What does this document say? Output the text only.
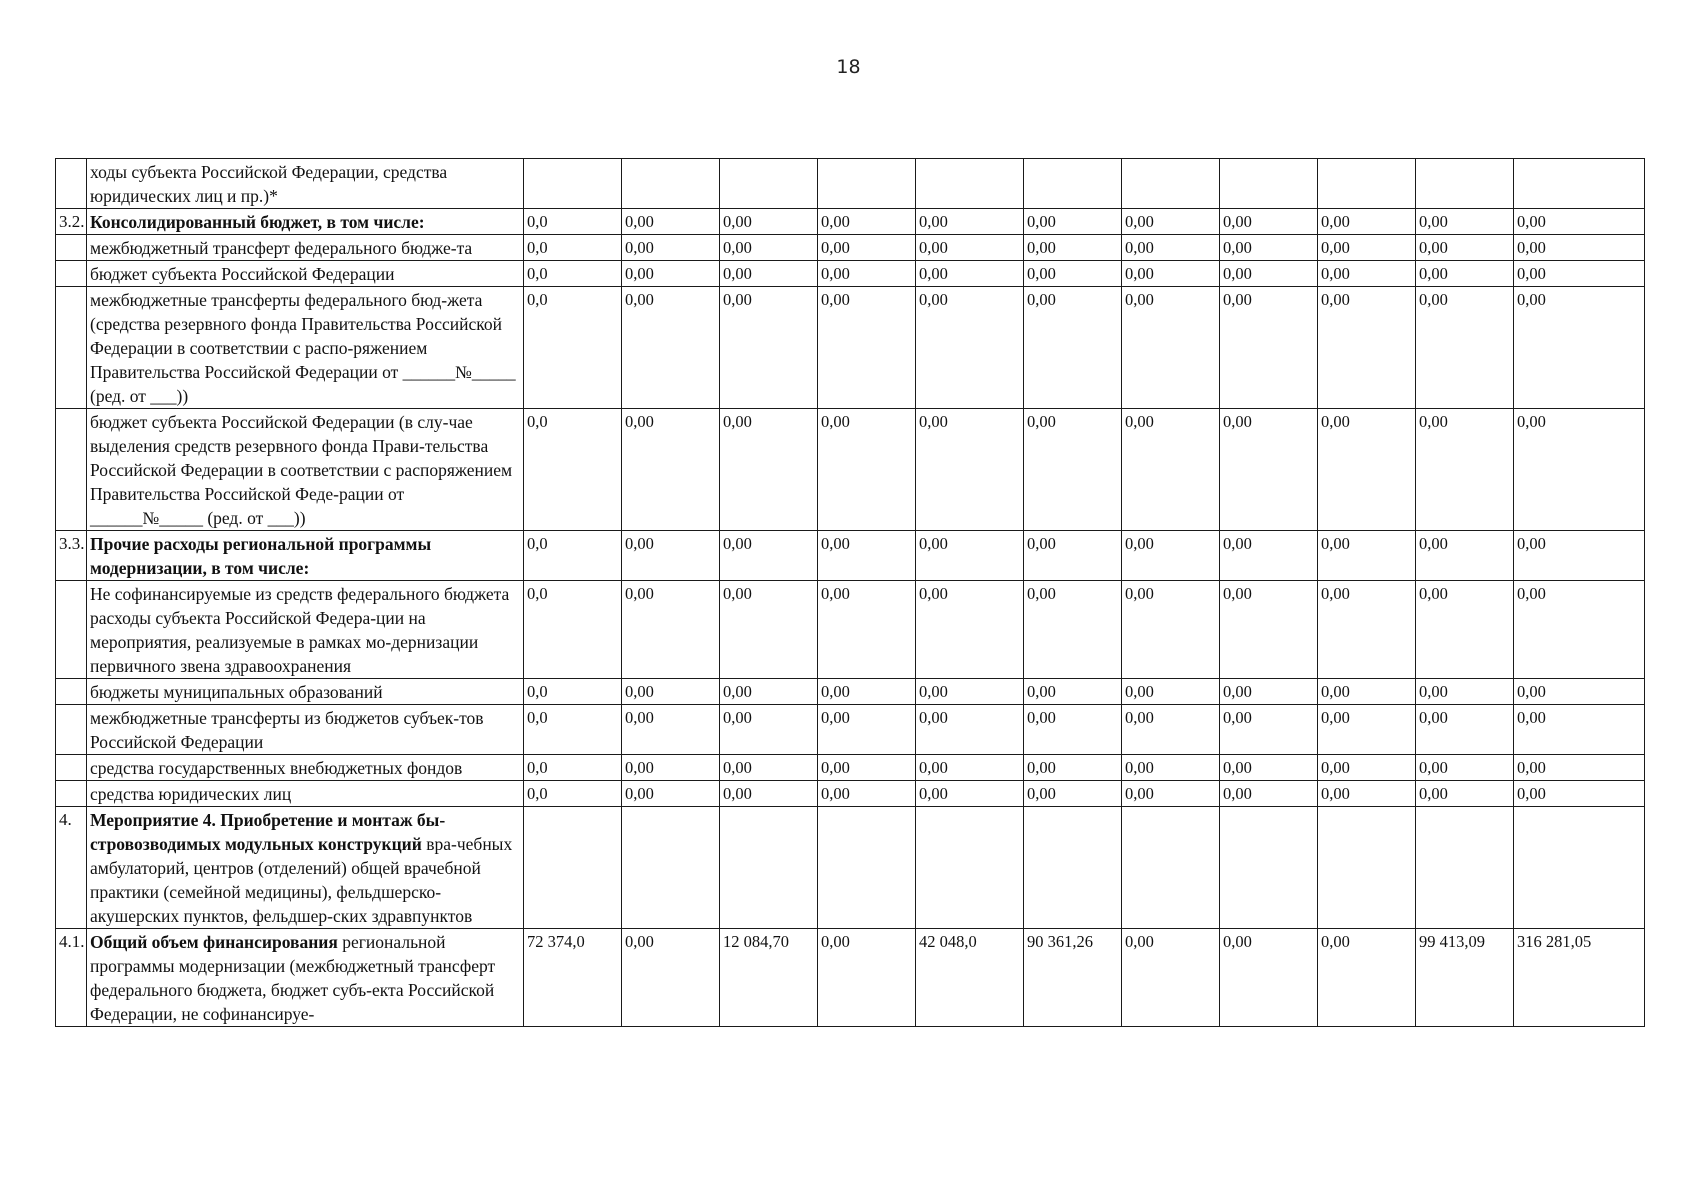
18
	ходы субъекта Российской Федерации, средства юридических лиц и пр.)*											
3.2.	Консолидированный бюджет, в том числе:	0,0	0,00	0,00	0,00	0,00	0,00	0,00	0,00	0,00	0,00	0,00
	межбюджетный трансферт федерального бюдже-та	0,0	0,00	0,00	0,00	0,00	0,00	0,00	0,00	0,00	0,00	0,00
	бюджет субъекта Российской Федерации	0,0	0,00	0,00	0,00	0,00	0,00	0,00	0,00	0,00	0,00	0,00
	межбюджетные трансферты федерального бюд-жета (средства резервного фонда Правительства Российской Федерации в соответствии с распо-ряжением Правительства Российской Федерации от ______№_____ (ред. от ___))	0,0	0,00	0,00	0,00	0,00	0,00	0,00	0,00	0,00	0,00	0,00
	бюджет субъекта Российской Федерации (в слу-чае выделения средств резервного фонда Прави-тельства Российской Федерации в соответствии с распоряжением Правительства Российской Феде-рации от ______№_____ (ред. от ___))	0,0	0,00	0,00	0,00	0,00	0,00	0,00	0,00	0,00	0,00	0,00
3.3.	Прочие расходы региональной программы модернизации, в том числе:	0,0	0,00	0,00	0,00	0,00	0,00	0,00	0,00	0,00	0,00	0,00
	Не софинансируемые из средств федерального бюджета расходы субъекта Российской Федера-ции на мероприятия, реализуемые в рамках мо-дернизации первичного звена здравоохранения	0,0	0,00	0,00	0,00	0,00	0,00	0,00	0,00	0,00	0,00	0,00
	бюджеты муниципальных образований	0,0	0,00	0,00	0,00	0,00	0,00	0,00	0,00	0,00	0,00	0,00
	межбюджетные трансферты из бюджетов субъек-тов Российской Федерации	0,0	0,00	0,00	0,00	0,00	0,00	0,00	0,00	0,00	0,00	0,00
	средства государственных внебюджетных фондов	0,0	0,00	0,00	0,00	0,00	0,00	0,00	0,00	0,00	0,00	0,00
	средства юридических лиц	0,0	0,00	0,00	0,00	0,00	0,00	0,00	0,00	0,00	0,00	0,00
4.	Мероприятие 4. Приобретение и монтаж бы-стровозводимых модульных конструкций вра-чебных амбулаторий, центров (отделений) общей врачебной практики (семейной медицины), фельдшерско-акушерских пунктов, фельдшер-ских здравпунктов											
4.1.	Общий объем финансирования региональной программы модернизации (межбюджетный трансферт федерального бюджета, бюджет субъ-екта Российской Федерации, не софинансируе-	72 374,0	0,00	12 084,70	0,00	42 048,0	90 361,26	0,00	0,00	0,00	99 413,09	316 281,05
